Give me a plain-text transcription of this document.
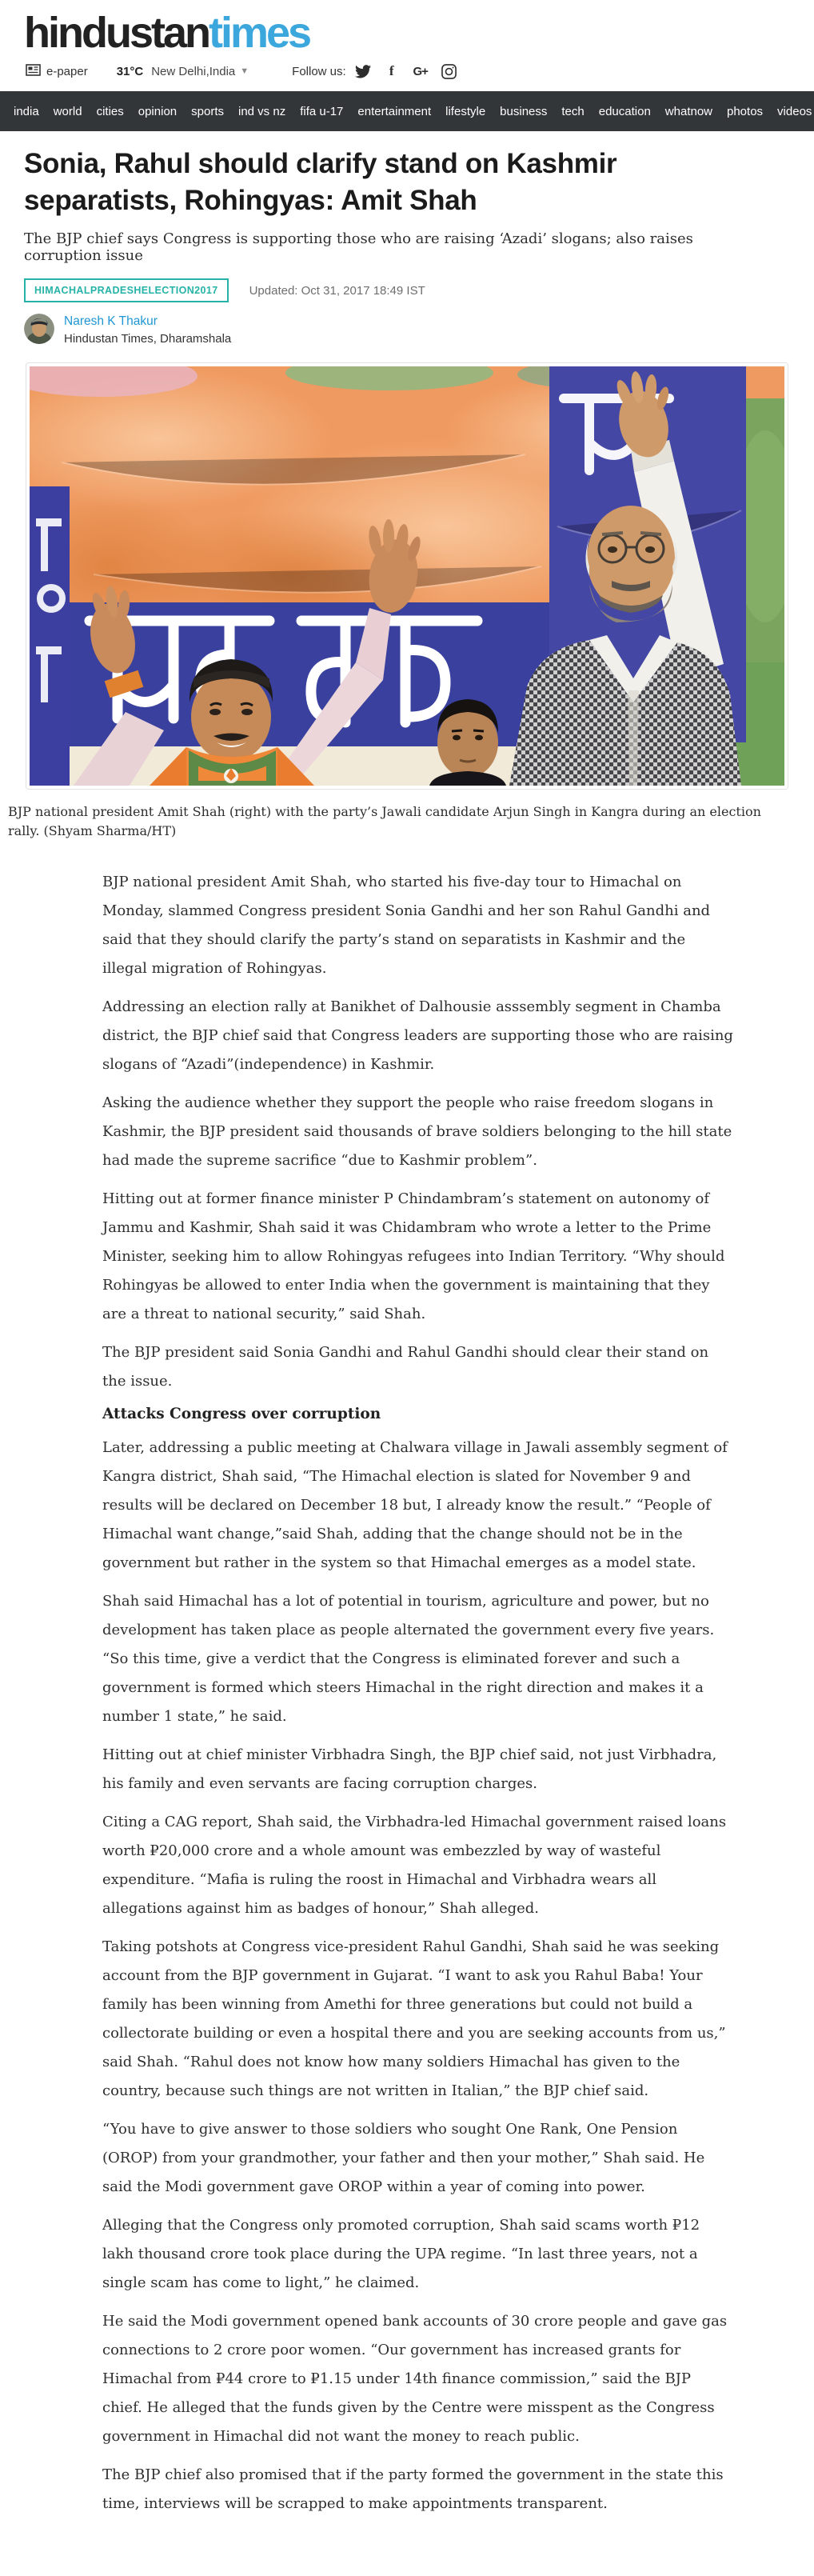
hindustantimes
e-paper 31°C New Delhi,India ▼	Follow us:	f G+
india	world	cities	opinion	sports	ind vs nz	fifa u-17	entertainment	lifestyle	business	tech	education	whatnow	photos	videos
Sonia, Rahul should clarify stand on Kashmir separatists, Rohingyas: Amit Shah
The BJP chief says Congress is supporting those who are raising ‘Azadi’ slogans; also raises corruption issue
HIMACHALPRADESHELECTION2017	Updated: Oct 31, 2017 18:49 IST
Naresh K Thakur
Hindustan Times, Dharamshala
BJP national president Amit Shah (right) with the party’s Jawali candidate Arjun Singh in Kangra during an election rally. (Shyam Sharma/HT)

BJP national president Amit Shah, who started his five-day tour to Himachal on Monday, slammed Congress president Sonia Gandhi and her son Rahul Gandhi and said that they should clarify the party’s stand on separatists in Kashmir and the illegal migration of Rohingyas.

Addressing an election rally at Banikhet of Dalhousie asssembly segment in Chamba district, the BJP chief said that Congress leaders are supporting those who are raising slogans of “Azadi”(independence) in Kashmir.

Asking the audience whether they support the people who raise freedom slogans in Kashmir, the BJP president said thousands of brave soldiers belonging to the hill state had made the supreme sacrifice “due to Kashmir problem”.

Hitting out at former finance minister P Chindambram’s statement on autonomy of Jammu and Kashmir, Shah said it was Chidambram who wrote a letter to the Prime Minister, seeking him to allow Rohingyas refugees into Indian Territory. “Why should Rohingyas be allowed to enter India when the government is maintaining that they are a threat to national security,” said Shah.

The BJP president said Sonia Gandhi and Rahul Gandhi should clear their stand on the issue.

Attacks Congress over corruption

Later, addressing a public meeting at Chalwara village in Jawali assembly segment of Kangra district, Shah said, “The Himachal election is slated for November 9 and results will be declared on December 18 but, I already know the result.” “People of Himachal want change,”said Shah, adding that the change should not be in the government but rather in the system so that Himachal emerges as a model state.

Shah said Himachal has a lot of potential in tourism, agriculture and power, but no development has taken place as people alternated the government every five years. “So this time, give a verdict that the Congress is eliminated forever and such a government is formed which steers Himachal in the right direction and makes it a number 1 state,” he said.

Hitting out at chief minister Virbhadra Singh, the BJP chief said, not just Virbhadra, his family and even servants are facing corruption charges.

Citing a CAG report, Shah said, the Virbhadra-led Himachal government raised loans worth ₽20,000 crore and a whole amount was embezzled by way of wasteful expenditure. “Mafia is ruling the roost in Himachal and Virbhadra wears all allegations against him as badges of honour,” Shah alleged.

Taking potshots at Congress vice-president Rahul Gandhi, Shah said he was seeking account from the BJP government in Gujarat. “I want to ask you Rahul Baba! Your family has been winning from Amethi for three generations but could not build a collectorate building or even a hospital there and you are seeking accounts from us,” said Shah. “Rahul does not know how many soldiers Himachal has given to the country, because such things are not written in Italian,” the BJP chief said.

“You have to give answer to those soldiers who sought One Rank, One Pension (OROP) from your grandmother, your father and then your mother,” Shah said. He said the Modi government gave OROP within a year of coming into power.

Alleging that the Congress only promoted corruption, Shah said scams worth ₽12 lakh thousand crore took place during the UPA regime. “In last three years, not a single scam has come to light,” he claimed.

He said the Modi government opened bank accounts of 30 crore people and gave gas connections to 2 crore poor women. “Our government has increased grants for Himachal from ₽44 crore to ₽1.15 under 14th finance commission,” said the BJP chief. He alleged that the funds given by the Centre were misspent as the Congress government in Himachal did not want the money to reach public.

The BJP chief also promised that if the party formed the government in the state this time, interviews will be scrapped to make appointments transparent.
